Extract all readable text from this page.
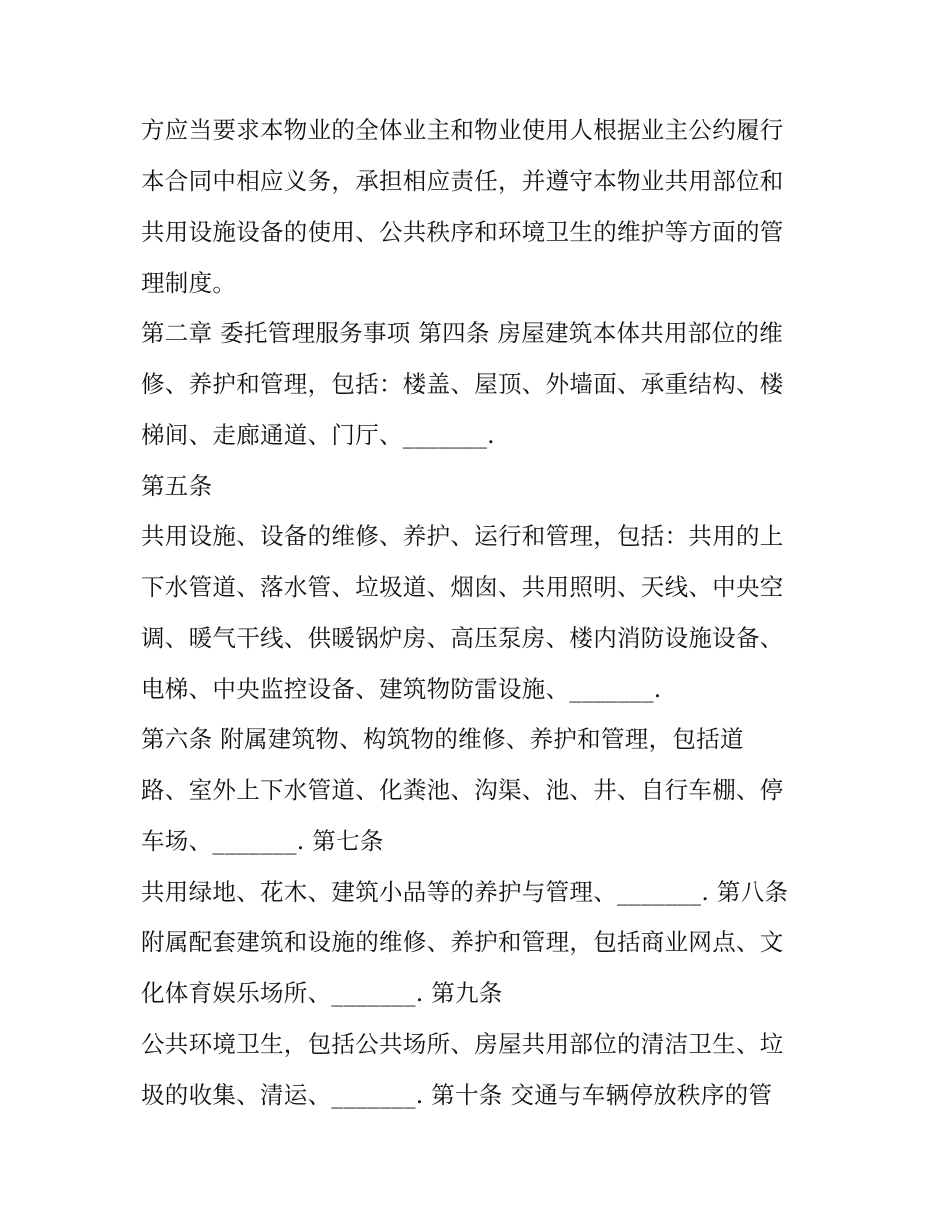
方应当要求本物业的全体业主和物业使用人根据业主公约履行
本合同中相应义务，承担相应责任，并遵守本物业共用部位和
共用设施设备的使用、公共秩序和环境卫生的维护等方面的管
理制度。
第二章 委托管理服务事项 第四条 房屋建筑本体共用部位的维
修、养护和管理，包括：楼盖、屋顶、外墙面、承重结构、楼
梯间、走廊通道、门厅、_______.
第五条
共用设施、设备的维修、养护、运行和管理，包括：共用的上
下水管道、落水管、垃圾道、烟囱、共用照明、天线、中央空
调、暖气干线、供暖锅炉房、高压泵房、楼内消防设施设备、
电梯、中央监控设备、建筑物防雷设施、_______.
第六条 附属建筑物、构筑物的维修、养护和管理，包括道
路、室外上下水管道、化粪池、沟渠、池、井、自行车棚、停
车场、_______. 第七条
共用绿地、花木、建筑小品等的养护与管理、_______. 第八条
附属配套建筑和设施的维修、养护和管理，包括商业网点、文
化体育娱乐场所、_______. 第九条
公共环境卫生，包括公共场所、房屋共用部位的清洁卫生、垃
圾的收集、清运、_______. 第十条 交通与车辆停放秩序的管
